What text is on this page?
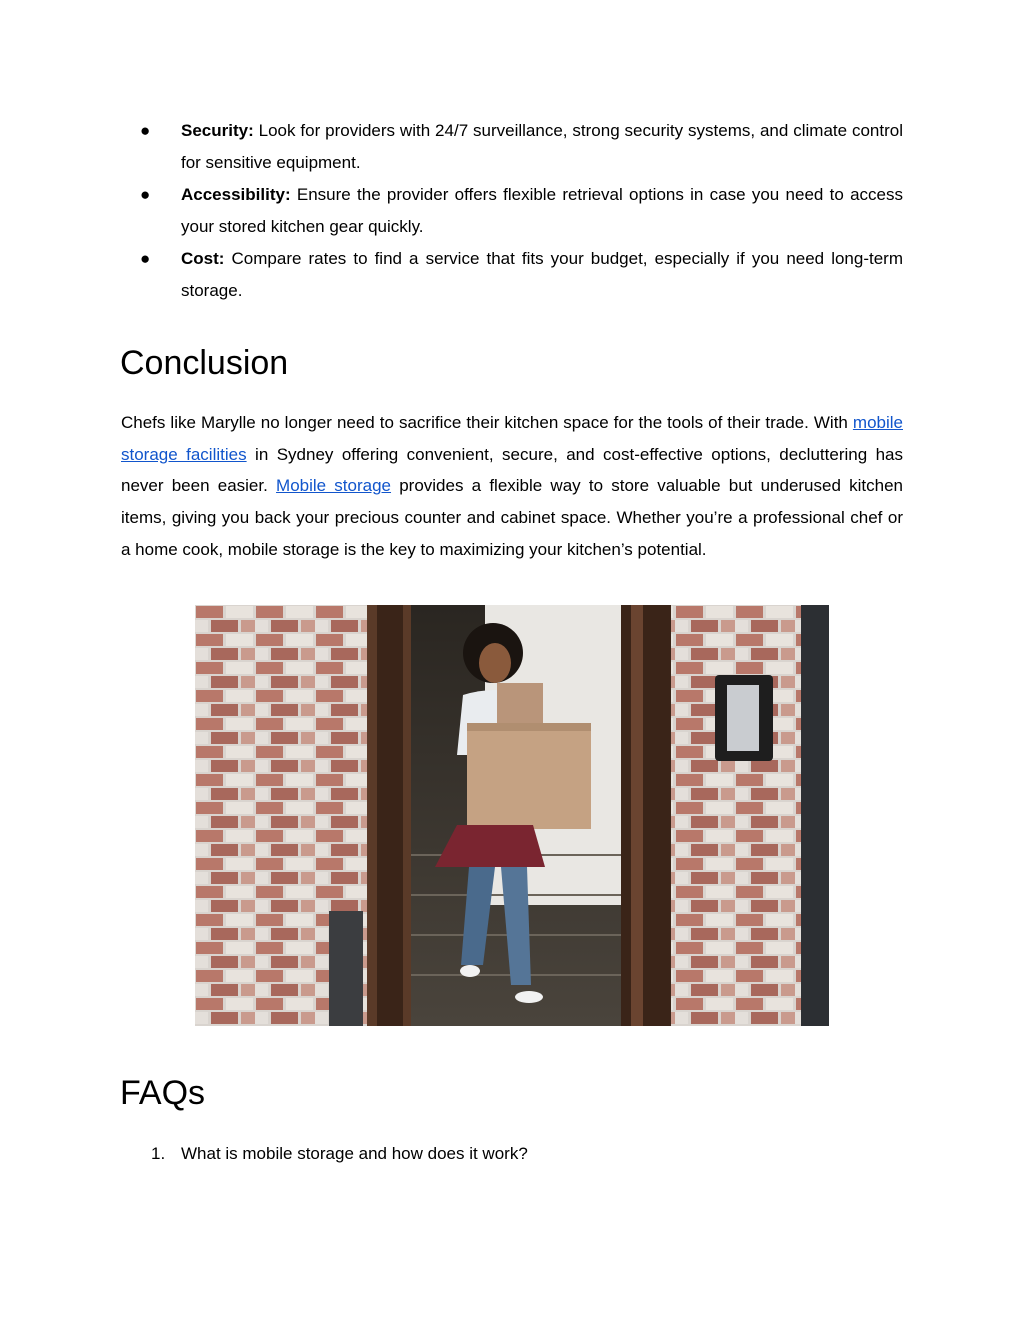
● Security: Look for providers with 24/7 surveillance, strong security systems, and climate control for sensitive equipment.
● Accessibility: Ensure the provider offers flexible retrieval options in case you need to access your stored kitchen gear quickly.
● Cost: Compare rates to find a service that fits your budget, especially if you need long-term storage.
Conclusion

Chefs like Marylle no longer need to sacrifice their kitchen space for the tools of their trade. With mobile storage facilities in Sydney offering convenient, secure, and cost-effective options, decluttering has never been easier. Mobile storage provides a flexible way to store valuable but underused kitchen items, giving you back your precious counter and cabinet space. Whether you’re a professional chef or a home cook, mobile storage is the key to maximizing your kitchen’s potential.

FAQs
1. What is mobile storage and how does it work?
